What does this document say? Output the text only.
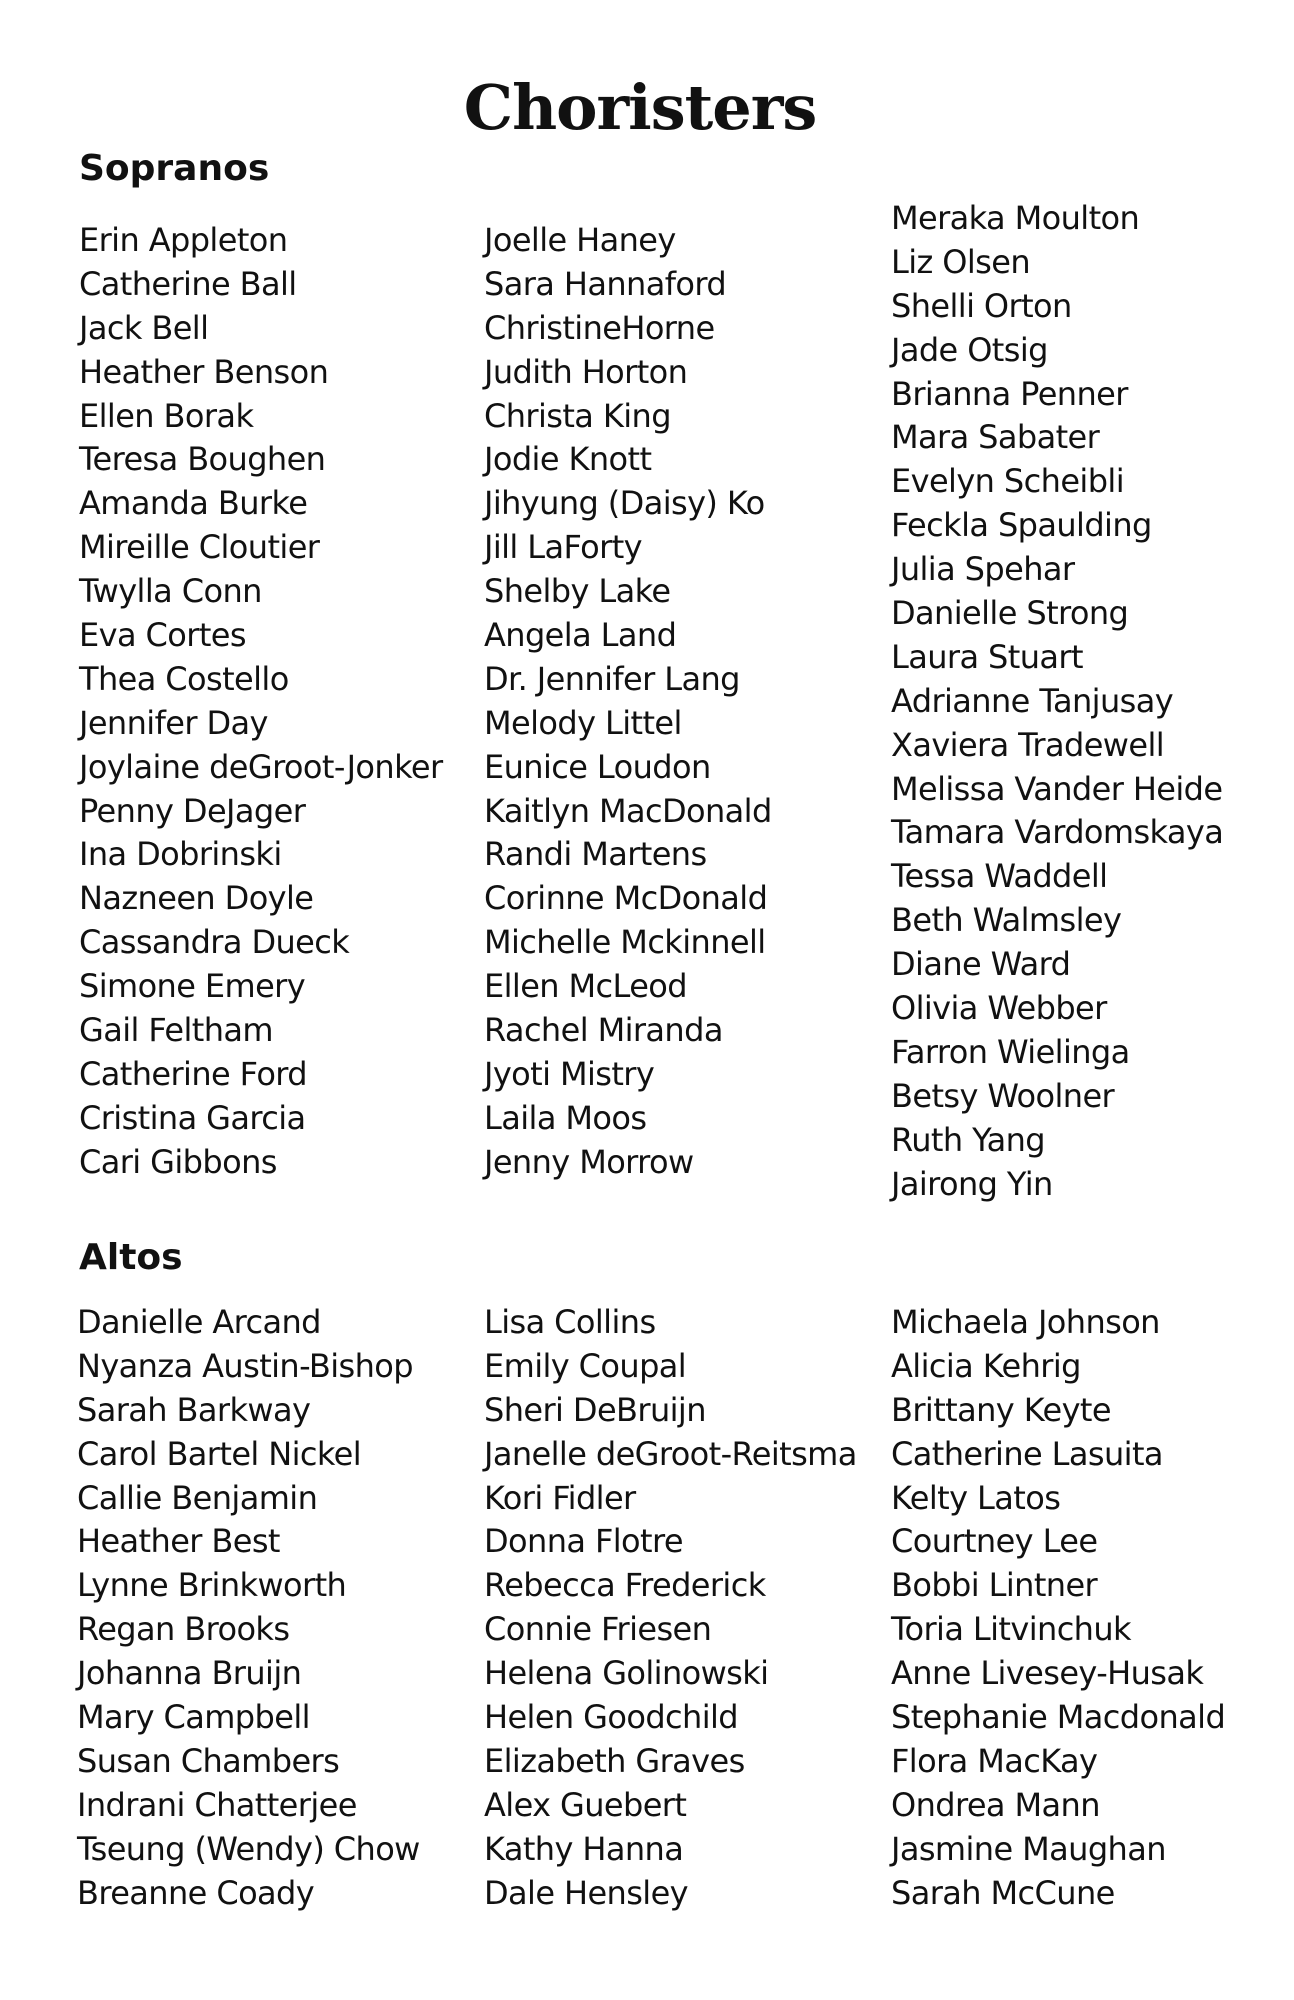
Choristers
Sopranos
Erin Appleton
Catherine Ball
Jack Bell
Heather Benson
Ellen Borak
Teresa Boughen
Amanda Burke
Mireille Cloutier
Twylla Conn
Eva Cortes
Thea Costello
Jennifer Day
Joylaine deGroot-Jonker
Penny DeJager
Ina Dobrinski
Nazneen Doyle
Cassandra Dueck
Simone Emery
Gail Feltham
Catherine Ford
Cristina Garcia
Cari Gibbons
Joelle Haney
Sara Hannaford
ChristineHorne
Judith Horton
Christa King
Jodie Knott
Jihyung (Daisy) Ko
Jill LaForty
Shelby Lake
Angela Land
Dr. Jennifer Lang
Melody Littel
Eunice Loudon
Kaitlyn MacDonald
Randi Martens
Corinne McDonald
Michelle Mckinnell
Ellen McLeod
Rachel Miranda
Jyoti Mistry
Laila Moos
Jenny Morrow
Meraka Moulton
Liz Olsen
Shelli Orton
Jade Otsig
Brianna Penner
Mara Sabater
Evelyn Scheibli
Feckla Spaulding
Julia Spehar
Danielle Strong
Laura Stuart
Adrianne Tanjusay
Xaviera Tradewell
Melissa Vander Heide
Tamara Vardomskaya
Tessa Waddell
Beth Walmsley
Diane Ward
Olivia Webber
Farron Wielinga
Betsy Woolner
Ruth Yang
Jairong Yin
Altos
Danielle Arcand
Nyanza Austin-Bishop
Sarah Barkway
Carol Bartel Nickel
Callie Benjamin
Heather Best
Lynne Brinkworth
Regan Brooks
Johanna Bruijn
Mary Campbell
Susan Chambers
Indrani Chatterjee
Tseung (Wendy) Chow
Breanne Coady
Lisa Collins
Emily Coupal
Sheri DeBruijn
Janelle deGroot-Reitsma
Kori Fidler
Donna Flotre
Rebecca Frederick
Connie Friesen
Helena Golinowski
Helen Goodchild
Elizabeth Graves
Alex Guebert
Kathy Hanna
Dale Hensley
Michaela Johnson
Alicia Kehrig
Brittany Keyte
Catherine Lasuita
Kelty Latos
Courtney Lee
Bobbi Lintner
Toria Litvinchuk
Anne Livesey-Husak
Stephanie Macdonald
Flora MacKay
Ondrea Mann
Jasmine Maughan
Sarah McCune
